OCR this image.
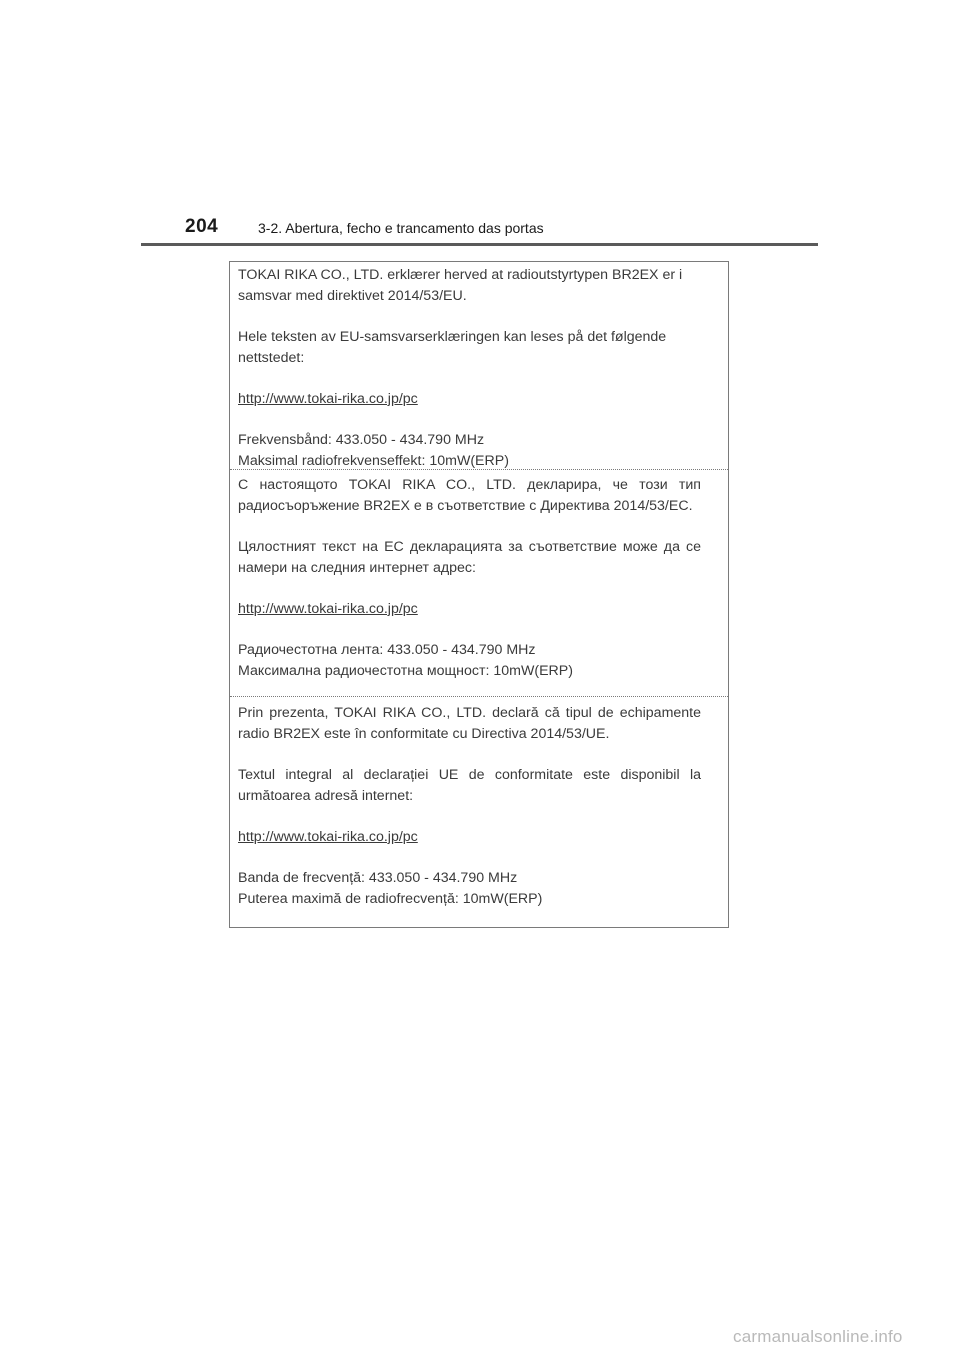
204	3-2. Abertura, fecho e trancamento das portas

TOKAI RIKA CO., LTD. erklærer herved at radioutstyrtypen BR2EX er i samsvar med direktivet 2014/53/EU.

Hele teksten av EU-samsvarserklæringen kan leses på det følgende nettstedet:

http://www.tokai-rika.co.jp/pc

Frekvensbånd: 433.050 - 434.790 MHz

Maksimal radiofrekvenseffekt: 10mW(ERP)

С настоящото TOKAI RIKA CO., LTD. декларира, че този тип радиосъоръжение BR2EX е в съответствие с Директива 2014/53/ЕС.

Цялостният текст на ЕС декларацията за съответствие може да се намери на следния интернет адрес:

http://www.tokai-rika.co.jp/pc

Радиочестотна лента: 433.050 - 434.790 MHz

Максимална радиочестотна мощност: 10mW(ERP)

Prin prezenta, TOKAI RIKA CO., LTD. declară că tipul de echipamente radio BR2EX este în conformitate cu Directiva 2014/53/UE.

Textul integral al declarației UE de conformitate este disponibil la următoarea adresă internet:

http://www.tokai-rika.co.jp/pc

Banda de frecvență: 433.050 - 434.790 MHz

Puterea maximă de radiofrecvență: 10mW(ERP)

carmanualsonline.info
